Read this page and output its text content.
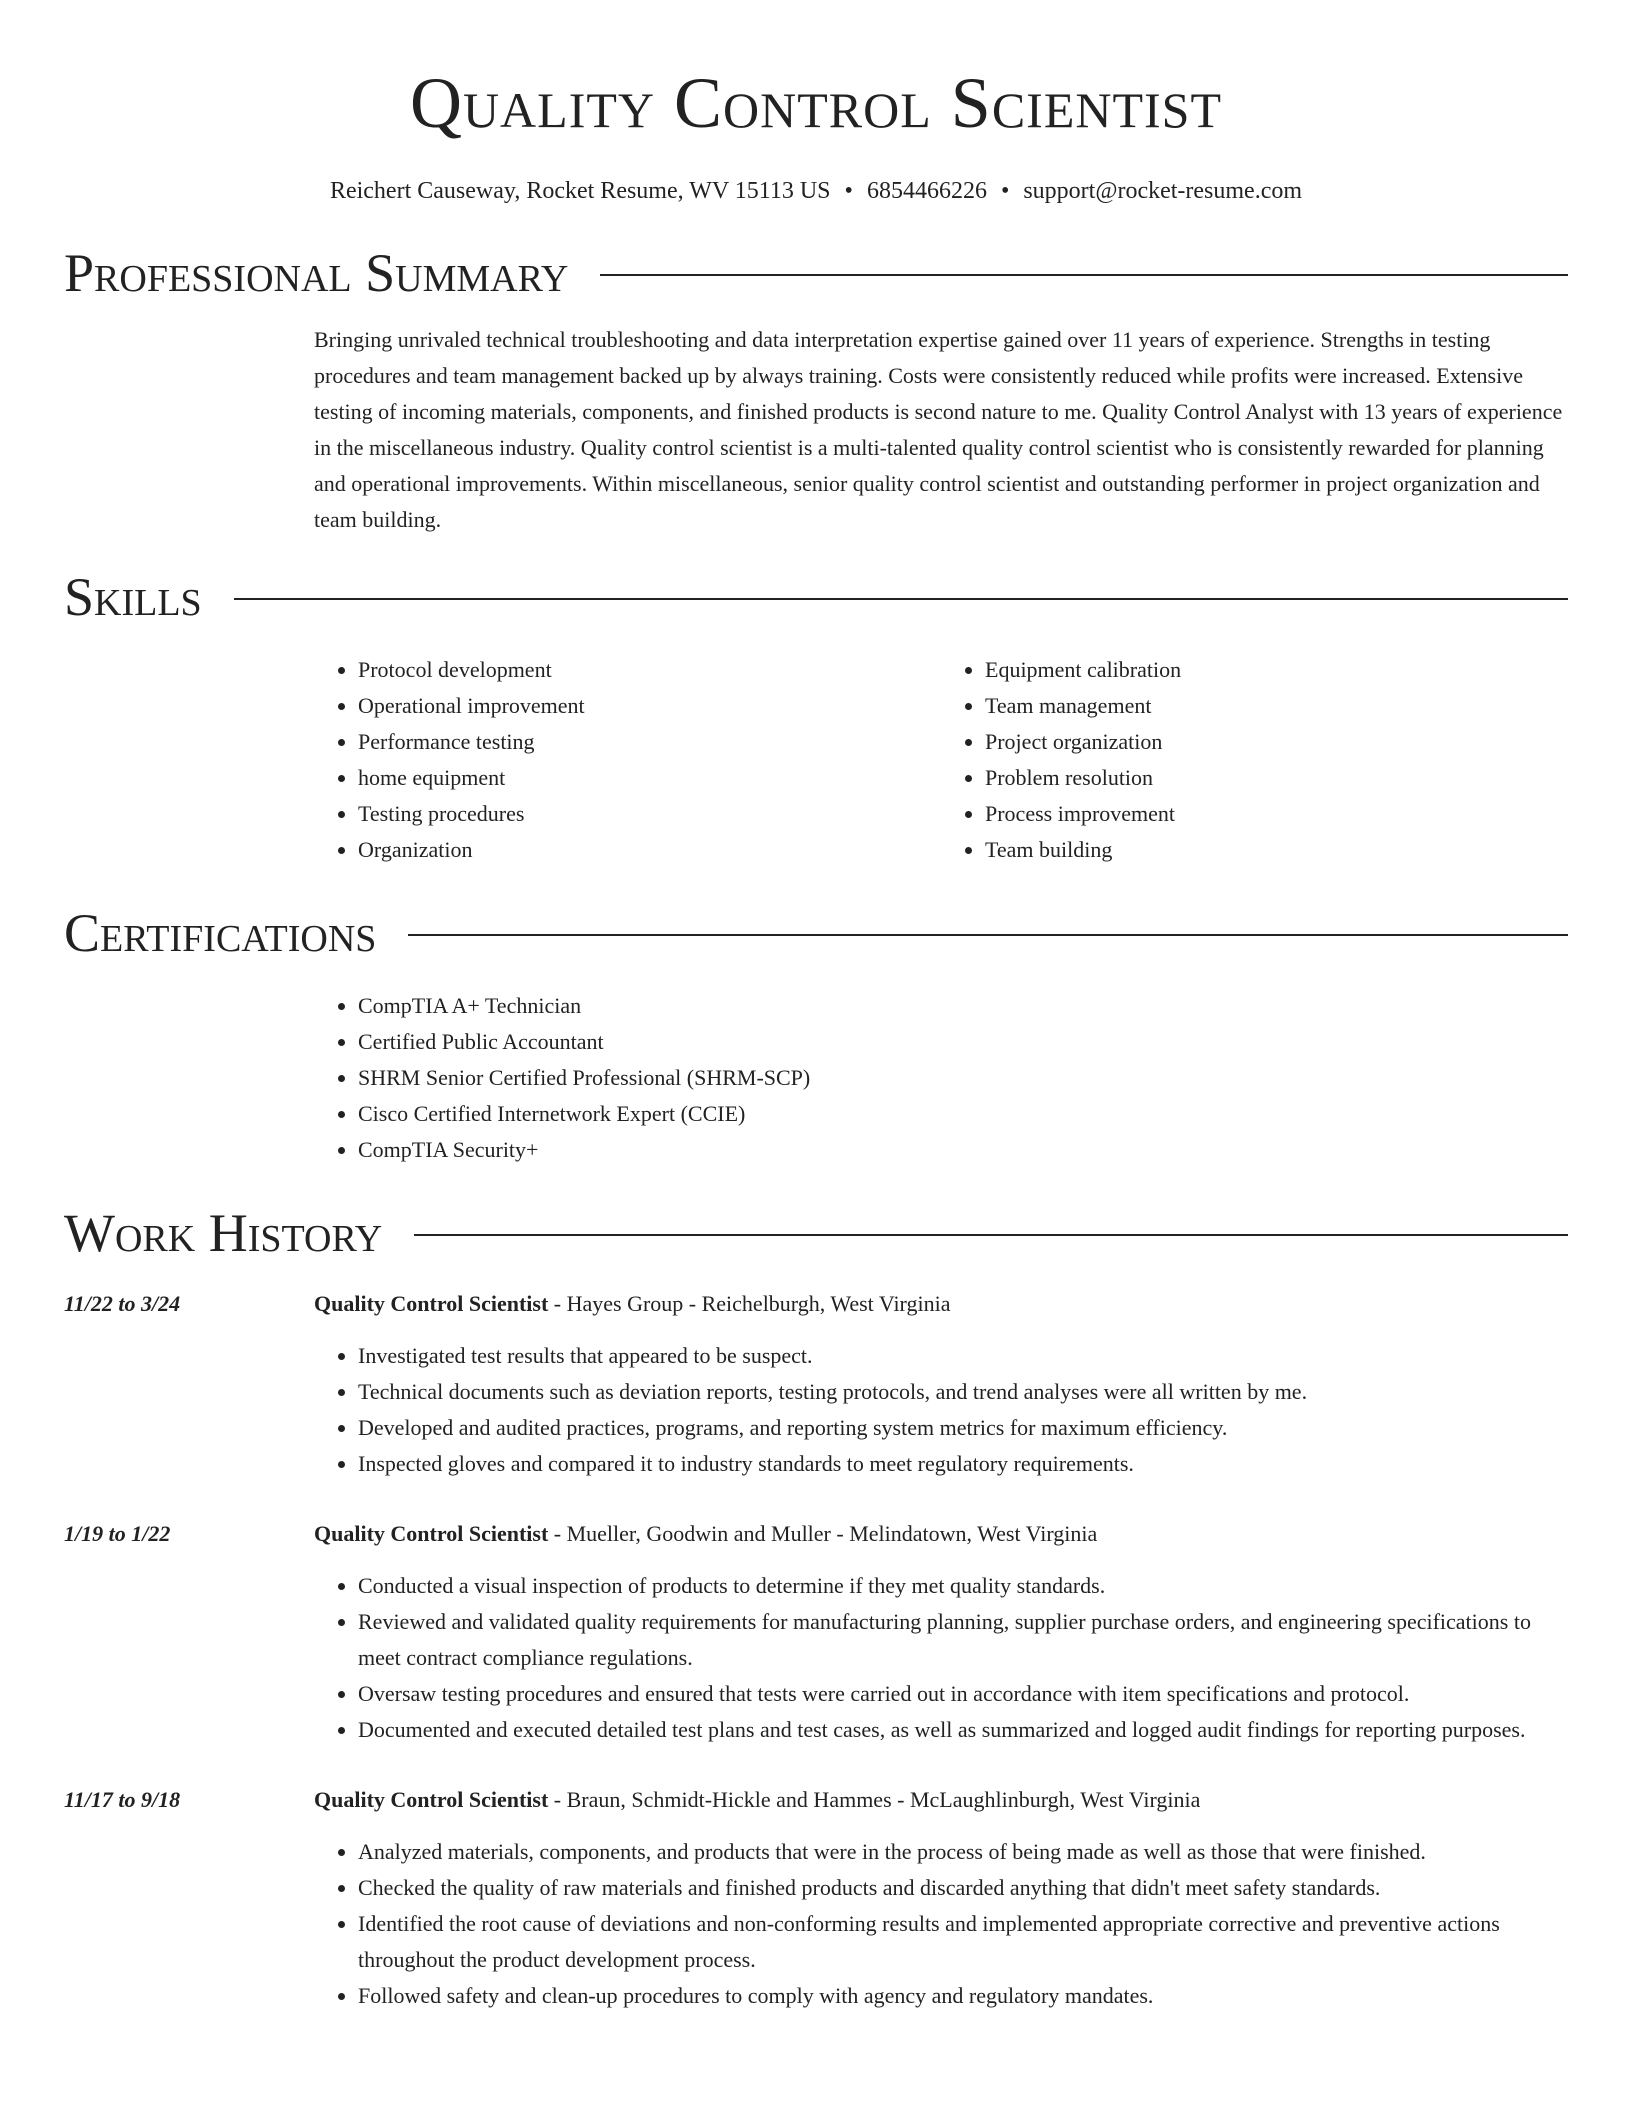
Quality Control Scientist
Reichert Causeway, Rocket Resume, WV 15113 US • 6854466226 • support@rocket-resume.com
Professional Summary

Bringing unrivaled technical troubleshooting and data interpretation expertise gained over 11 years of experience. Strengths in testing procedures and team management backed up by always training. Costs were consistently reduced while profits were increased. Extensive testing of incoming materials, components, and finished products is second nature to me. Quality Control Analyst with 13 years of experience in the miscellaneous industry. Quality control scientist is a multi-talented quality control scientist who is consistently rewarded for planning and operational improvements. Within miscellaneous, senior quality control scientist and outstanding performer in project organization and team building.

Skills
• Protocol development
• Operational improvement
• Performance testing
• home equipment
• Testing procedures
• Organization
• Equipment calibration
• Team management
• Project organization
• Problem resolution
• Process improvement
• Team building
Certifications
• CompTIA A+ Technician
• Certified Public Accountant
• SHRM Senior Certified Professional (SHRM-SCP)
• Cisco Certified Internetwork Expert (CCIE)
• CompTIA Security+
Work History
11/22 to 3/24	Quality Control Scientist - Hayes Group - Reichelburgh, West Virginia
• Investigated test results that appeared to be suspect.
• Technical documents such as deviation reports, testing protocols, and trend analyses were all written by me.
• Developed and audited practices, programs, and reporting system metrics for maximum efficiency.
• Inspected gloves and compared it to industry standards to meet regulatory requirements.
1/19 to 1/22	Quality Control Scientist - Mueller, Goodwin and Muller - Melindatown, West Virginia
• Conducted a visual inspection of products to determine if they met quality standards.
• Reviewed and validated quality requirements for manufacturing planning, supplier purchase orders, and engineering specifications to meet contract compliance regulations.
• Oversaw testing procedures and ensured that tests were carried out in accordance with item specifications and protocol.
• Documented and executed detailed test plans and test cases, as well as summarized and logged audit findings for reporting purposes.
11/17 to 9/18	Quality Control Scientist - Braun, Schmidt-Hickle and Hammes - McLaughlinburgh, West Virginia
• Analyzed materials, components, and products that were in the process of being made as well as those that were finished.
• Checked the quality of raw materials and finished products and discarded anything that didn't meet safety standards.
• Identified the root cause of deviations and non-conforming results and implemented appropriate corrective and preventive actions throughout the product development process.
• Followed safety and clean-up procedures to comply with agency and regulatory mandates.
